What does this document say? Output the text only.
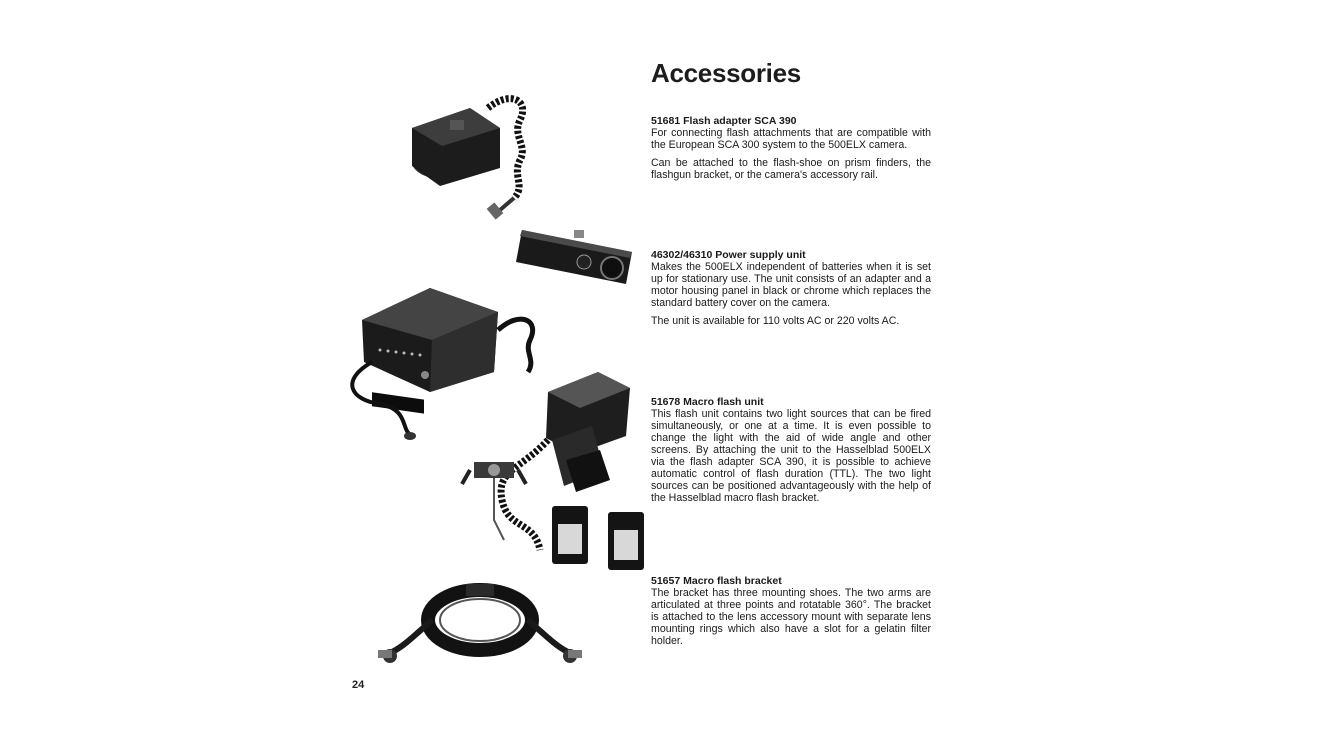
Accessories

51681 Flash adapter SCA 390

For connecting flash attachments that are compatible with the European SCA 300 system to the 500ELX camera.

Can be attached to the flash-shoe on prism finders, the flashgun bracket, or the camera's accessory rail.

46302/46310 Power supply unit

Makes the 500ELX independent of batteries when it is set up for stationary use. The unit consists of an adapter and a motor housing panel in black or chrome which replaces the standard battery cover on the camera.

The unit is available for 110 volts AC or 220 volts AC.

51678 Macro flash unit

This flash unit contains two light sources that can be fired simultaneously, or one at a time. It is even possible to change the light with the aid of wide angle and other screens. By attaching the unit to the Hasselblad 500ELX via the flash adapter SCA 390, it is possible to achieve automatic control of flash duration (TTL). The two light sources can be positioned advantageously with the help of the Hasselblad macro flash bracket.

51657 Macro flash bracket

The bracket has three mounting shoes. The two arms are articulated at three points and rotatable 360°. The bracket is attached to the lens accessory mount with separate lens mounting rings which also have a slot for a gelatin filter holder.

24
